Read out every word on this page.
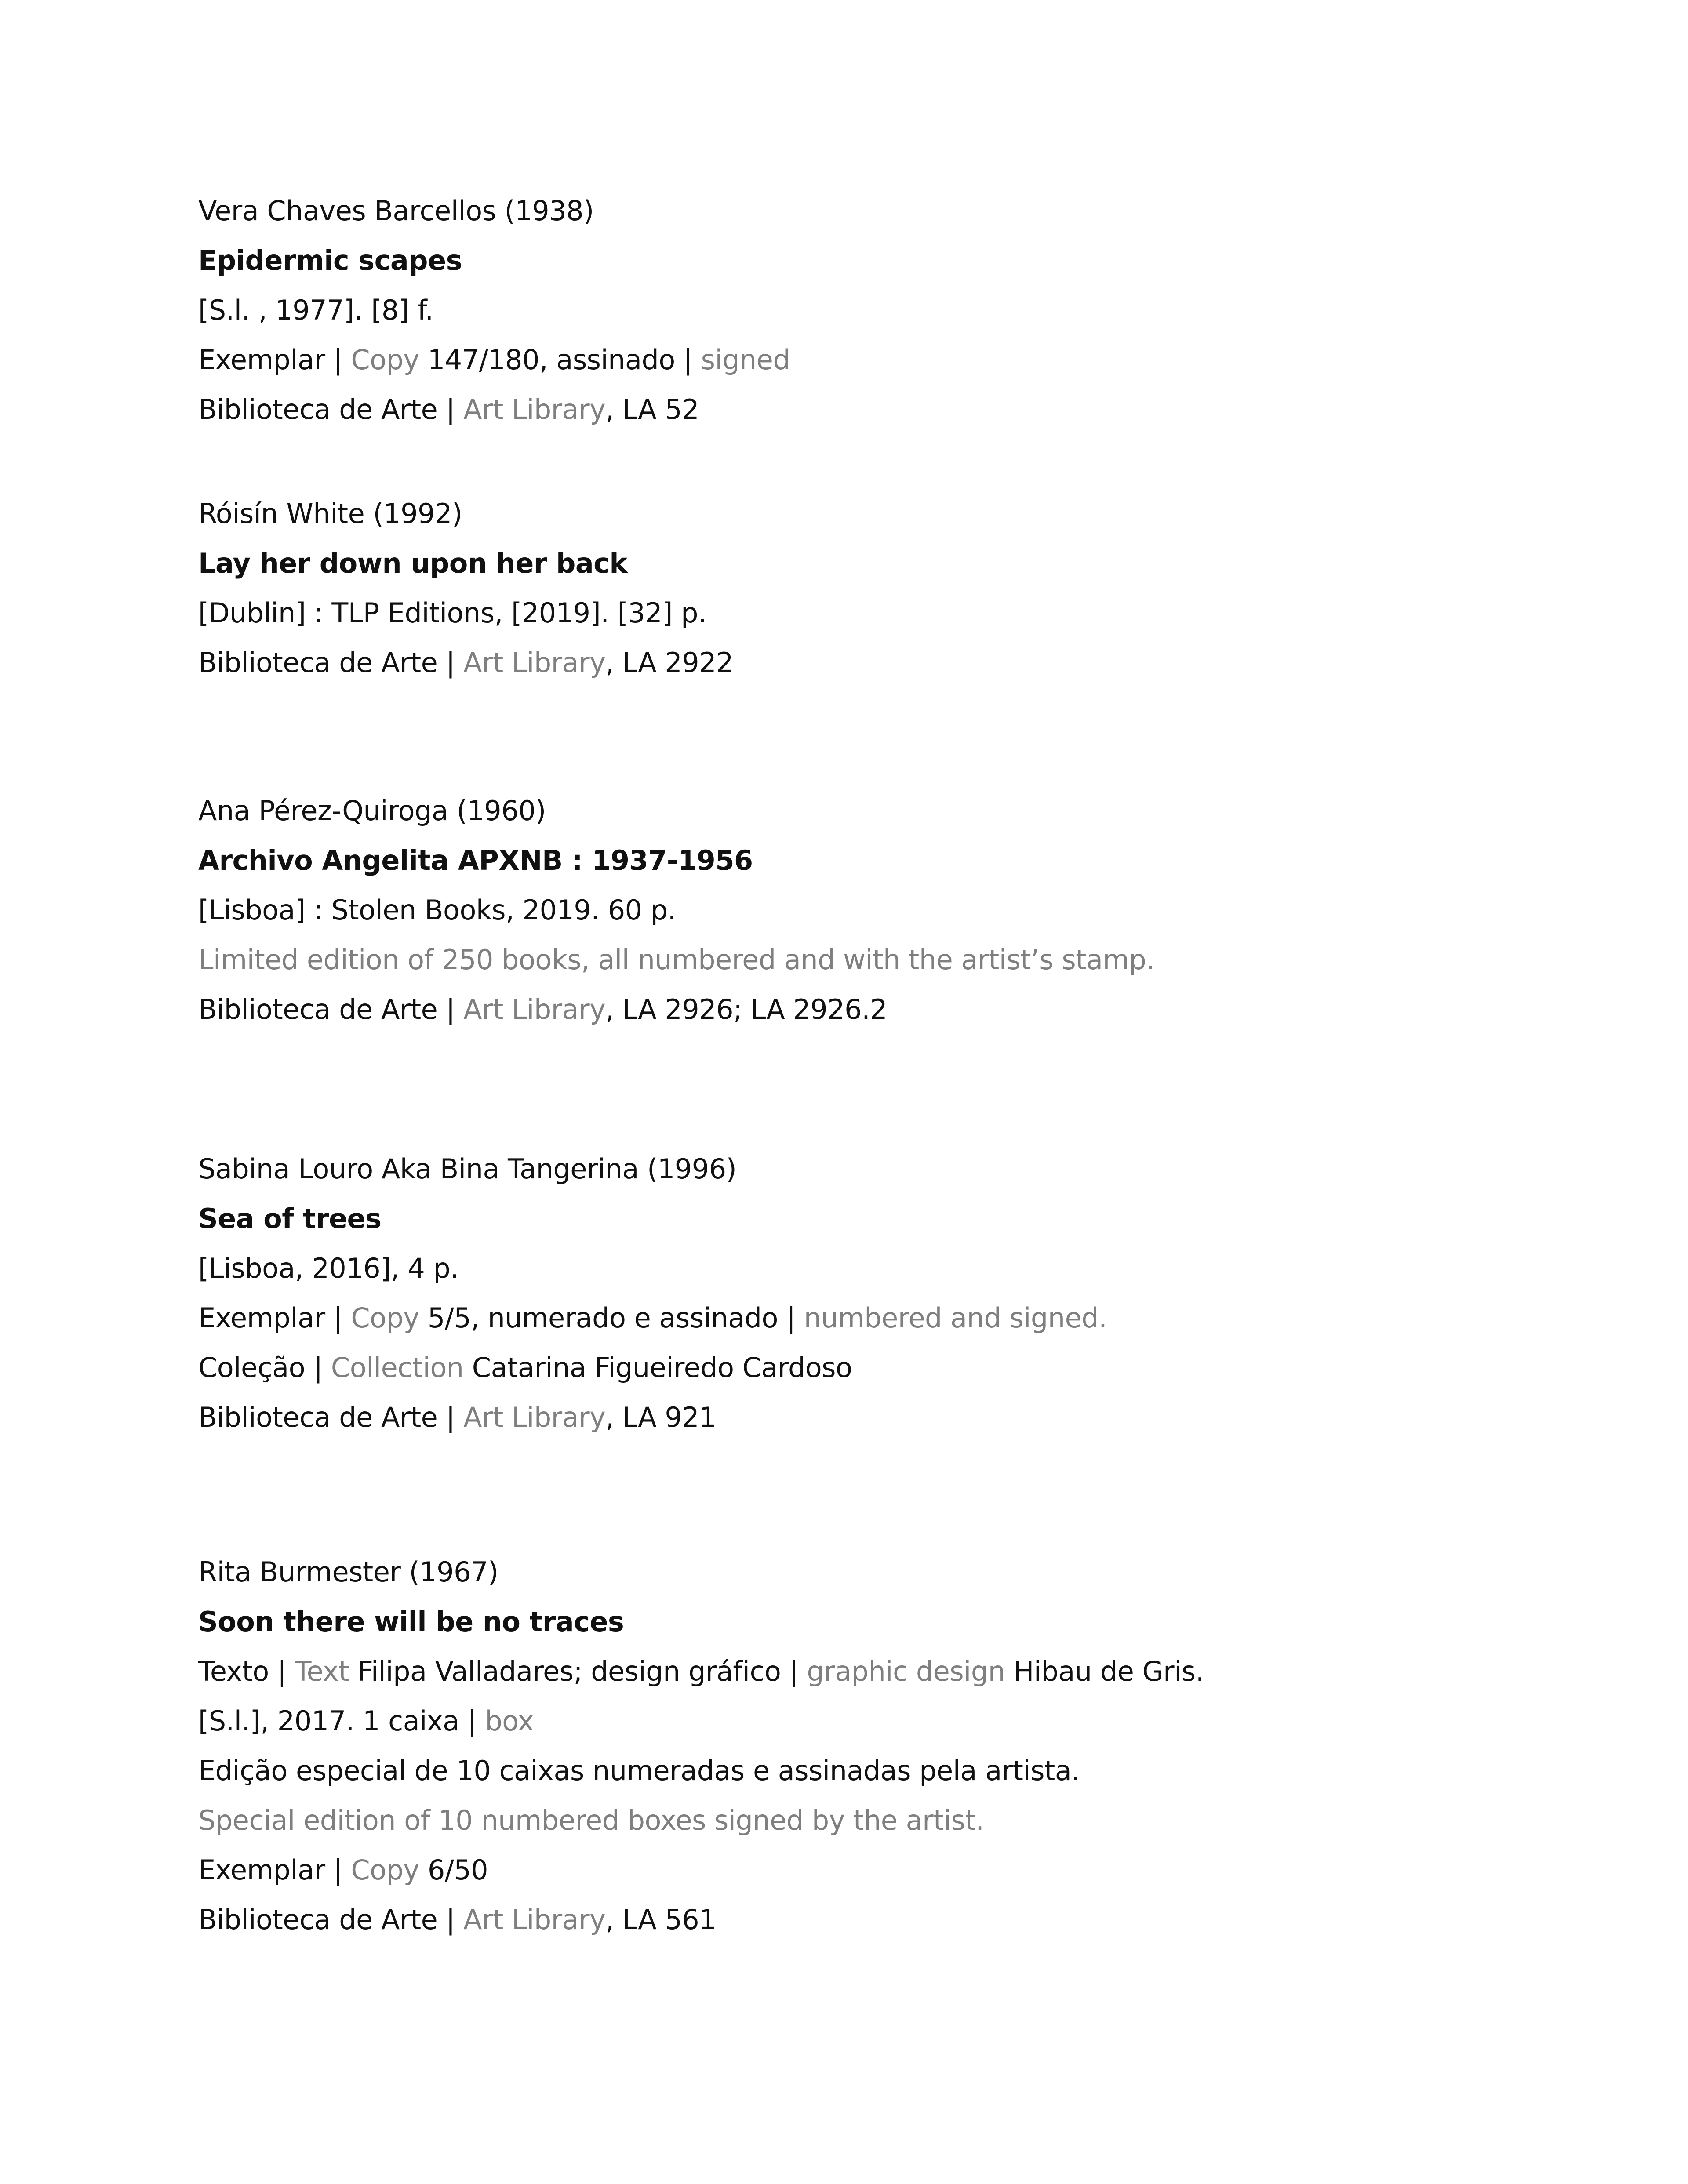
Vera Chaves Barcellos (1938)
Epidermic scapes
[S.l. , 1977]. [8] f.
Exemplar | Copy 147/180, assinado | signed
Biblioteca de Arte | Art Library, LA 52
Róisín White (1992)
Lay her down upon her back
[Dublin] : TLP Editions, [2019]. [32] p.
Biblioteca de Arte | Art Library, LA 2922
Ana Pérez-Quiroga (1960)
Archivo Angelita APXNB : 1937-1956
[Lisboa] : Stolen Books, 2019. 60 p.
Limited edition of 250 books, all numbered and with the artist’s stamp.
Biblioteca de Arte | Art Library, LA 2926; LA 2926.2
Sabina Louro Aka Bina Tangerina (1996)
Sea of trees
[Lisboa, 2016], 4 p.
Exemplar | Copy 5/5, numerado e assinado | numbered and signed.
Coleção | Collection Catarina Figueiredo Cardoso
Biblioteca de Arte | Art Library, LA 921
Rita Burmester (1967)
Soon there will be no traces
Texto | Text Filipa Valladares; design gráfico | graphic design Hibau de Gris.
[S.l.], 2017. 1 caixa | box
Edição especial de 10 caixas numeradas e assinadas pela artista.
Special edition of 10 numbered boxes signed by the artist.
Exemplar | Copy 6/50
Biblioteca de Arte | Art Library, LA 561
